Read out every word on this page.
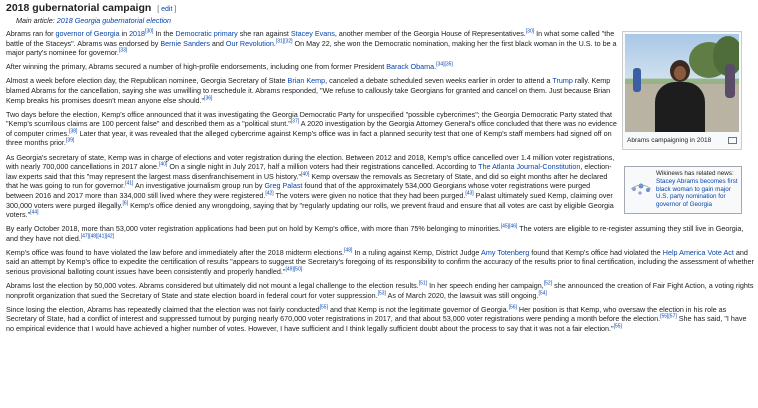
2018 gubernatorial campaign [ edit ]
Main article: 2018 Georgia gubernatorial election

Abrams ran for governor of Georgia in 2018[30] In the Democratic primary she ran against Stacey Evans, another member of the Georgia House of Representatives.[30] In what some called "the battle of the Staceys". Abrams was endorsed by Bernie Sanders and Our Revolution.[31][32] On May 22, she won the Democratic nomination, making her the first black woman in the U.S. to be a major party's nominee for governor.[33]

After winning the primary, Abrams secured a number of high-profile endorsements, including one from former President Barack Obama.[34][35]

Almost a week before election day, the Republican nominee, Georgia Secretary of State Brian Kemp, canceled a debate scheduled seven weeks earlier in order to attend a Trump rally. Kemp blamed Abrams for the cancellation, saying she was unwilling to reschedule it. Abrams responded, "We refuse to callously take Georgians for granted and cancel on them. Just because Brian Kemp breaks his promises doesn't mean anyone else should."[36]

Two days before the election, Kemp's office announced that it was investigating the Georgia Democratic Party for unspecified "possible cybercrimes"; the Georgia Democratic Party stated that "Kemp's scurrilous claims are 100 percent false" and described them as a "political stunt."[37] A 2020 investigation by the Georgia Attorney General's office concluded that there was no evidence of computer crimes.[38] Later that year, it was revealed that the alleged cybercrime against Kemp's office was in fact a planned security test that one of Kemp's staff members had signed off on three months prior.[39]

As Georgia's secretary of state, Kemp was in charge of elections and voter registration during the election. Between 2012 and 2018, Kemp's office cancelled over 1.4 million voter registrations, with nearly 700,000 cancellations in 2017 alone.[40] On a single night in July 2017, half a million voters had their registrations cancelled. According to The Atlanta Journal-Constitution, election-law experts said that this "may represent the largest mass disenfranchisement in US history."[40] Kemp oversaw the removals as Secretary of State, and did so eight months after he declared that he was going to run for governor.[41] An investigative journalism group run by Greg Palast found that of the approximately 534,000 Georgians whose voter registrations were purged between 2016 and 2017 more than 334,000 still lived where they were registered.[42] The voters were given no notice that they had been purged.[43] Palast ultimately sued Kemp, claiming over 300,000 voters were purged illegally.[6] Kemp's office denied any wrongdoing, saying that by "regularly updating our rolls, we prevent fraud and ensure that all votes are cast by eligible Georgia voters."[44]

By early October 2018, more than 53,000 voter registration applications had been put on hold by Kemp's office, with more than 75% belonging to minorities.[45][46] The voters are eligible to re-register assuming they still live in Georgia, and they have not died.[47][48][41][42]

Kemp's office was found to have violated the law before and immediately after the 2018 midterm elections.[48] In a ruling against Kemp, District Judge Amy Totenberg found that Kemp's office had violated the Help America Vote Act and said an attempt by Kemp's office to expedite the certification of results "appears to suggest the Secretary's foregoing of its responsibility to confirm the accuracy of the results prior to final certification, including the assessment of whether serious provisional balloting count issues have been consistently and properly handled."[49][50]

Abrams lost the election by 50,000 votes. Abrams considered but ultimately did not mount a legal challenge to the election results.[51] In her speech ending her campaign,[52] she announced the creation of Fair Fight Action, a voting rights nonprofit organization that sued the Secretary of State and state election board in federal court for voter suppression.[53] As of March 2020, the lawsuit was still ongoing.[54]

Since losing the election, Abrams has repeatedly claimed that the election was not fairly conducted[55] and that Kemp is not the legitimate governor of Georgia.[56] Her position is that Kemp, who oversaw the election in his role as Secretary of State, had a conflict of interest and suppressed turnout by purging nearly 670,000 voter registrations in 2017, and that about 53,000 voter registrations were pending a month before the election.[55][57] She has said, "I have no empirical evidence that I would have achieved a higher number of votes. However, I have sufficient and I think legally sufficient doubt about the process to say that it was not a fair election."[55]

Abrams campaigning in 2018
Wikinews has related news:
Stacey Abrams becomes first black woman to gain major U.S. party nomination for governor of Georgia
